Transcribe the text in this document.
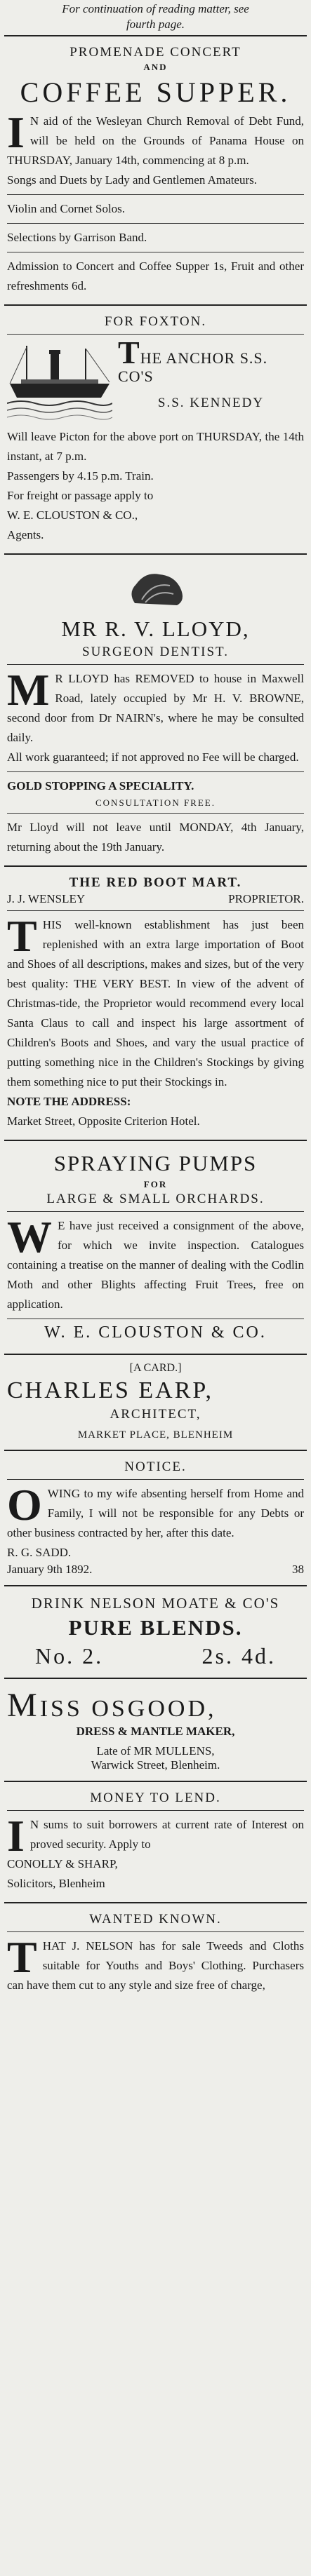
For continuation of reading matter, see
fourth page.
PROMENADE CONCERT
AND
COFFEE SUPPER.

I N aid of the Wesleyan Church Removal of Debt Fund, will be held on the Grounds of Panama House on THURSDAY, January 14th, commencing at 8 p.m.

Songs and Duets by Lady and Gentlemen Amateurs.

Violin and Cornet Solos.

Selections by Garrison Band.

Admission to Concert and Coffee Supper 1s, Fruit and other refreshments 6d.

FOR FOXTON.
THE ANCHOR S.S. CO'S
S.S. KENNEDY

Will leave Picton for the above port on THURSDAY, the 14th instant, at 7 p.m.

Passengers by 4.15 p.m. Train.

For freight or passage apply to

W. E. CLOUSTON & CO.,

Agents.

MR R. V. LLOYD,
SURGEON DENTIST.

M R LLOYD has REMOVED to house in Maxwell Road, lately occupied by Mr H. V. BROWNE, second door from Dr NAIRN's, where he may be consulted daily.

All work guaranteed; if not approved no Fee will be charged.

GOLD STOPPING A SPECIALITY.

CONSULTATION FREE.

Mr Lloyd will not leave until MONDAY, 4th January, returning about the 19th January.

THE RED BOOT MART.
J. J. WENSLEY	PROPRIETOR.

THIS well-known establishment has just been replenished with an extra large importation of Boot and Shoes of all descriptions, makes and sizes, but of the very best quality: THE VERY BEST. In view of the advent of Christmas-tide, the Proprietor would recommend every local Santa Claus to call and inspect his large assortment of Children's Boots and Shoes, and vary the usual practice of putting something nice in the Children's Stockings by giving them something nice to put their Stockings in.

NOTE THE ADDRESS:

Market Street, Opposite Criterion Hotel.

SPRAYING PUMPS
FOR
LARGE & SMALL ORCHARDS.

W E have just received a consignment of the above, for which we invite inspection. Catalogues containing a treatise on the manner of dealing with the Codlin Moth and other Blights affecting Fruit Trees, free on application.

W. E. CLOUSTON & CO.
[A CARD.]
CHARLES EARP,
ARCHITECT,
MARKET PLACE, BLENHEIM
NOTICE.

OWING to my wife absenting herself from Home and Family, I will not be responsible for any Debts or other business contracted by her, after this date.

R. G. SADD.

January 9th 1892.	38
DRINK NELSON MOATE & CO'S
PURE BLENDS.
No. 2.	2s. 4d.
MISS OSGOOD,
DRESS & MANTLE MAKER,
Late of MR MULLENS,
Warwick Street, Blenheim.
MONEY TO LEND.

I N sums to suit borrowers at current rate of Interest on proved security. Apply to

CONOLLY & SHARP,

Solicitors, Blenheim

WANTED KNOWN.

THAT J. NELSON has for sale Tweeds and Cloths suitable for Youths and Boys' Clothing. Purchasers can have them cut to any style and size free of charge,
